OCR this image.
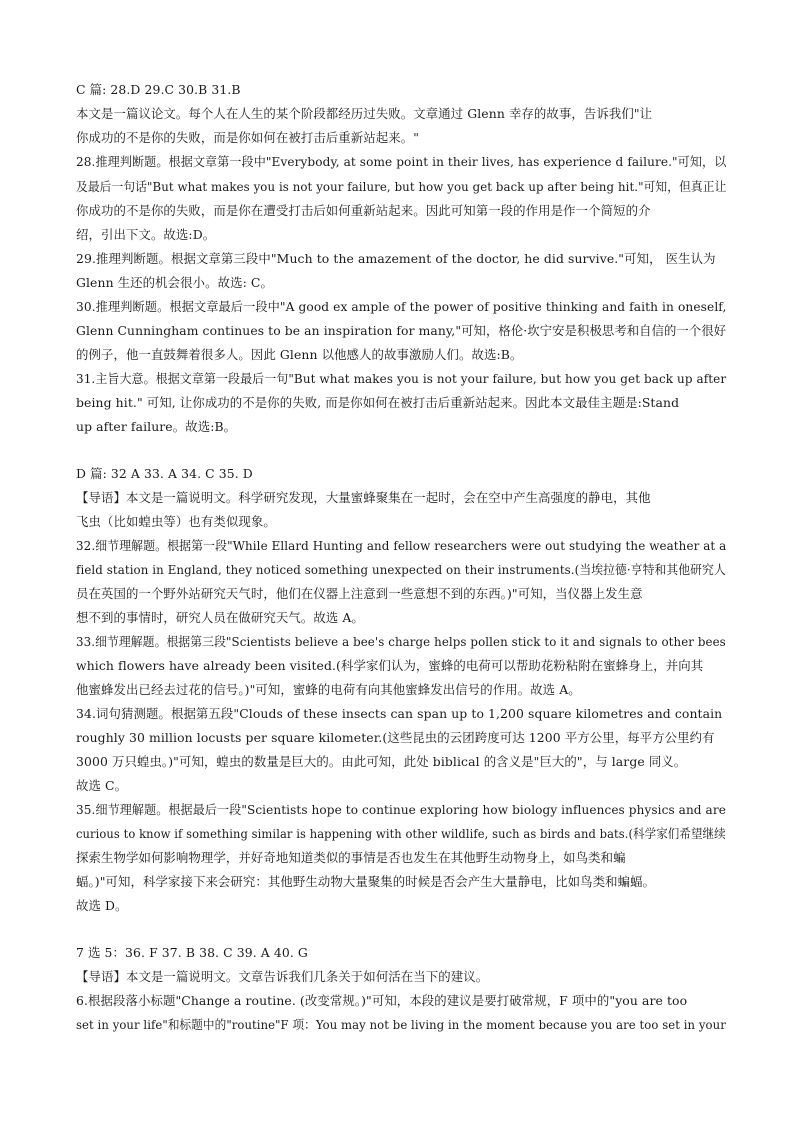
C 篇: 28.D 29.C 30.B 31.B
本文是一篇议论文。每个人在人生的某个阶段都经历过失败。文章通过 Glenn 幸存的故事，告诉我们"让
你成功的不是你的失败，而是你如何在被打击后重新站起来。"
28.推理判断题。根据文章第一段中"Everybody, at some point in their lives, has experience d failure."可知，以
及最后一句话"But what makes you is not your failure, but how you get back up after being hit."可知，但真正让
你成功的不是你的失败，而是你在遭受打击后如何重新站起来。因此可知第一段的作用是作一个简短的介
绍，引出下文。故选:D。
29.推理判断题。根据文章第三段中"Much to the amazement of the doctor, he did survive."可知， 医生认为
Glenn 生还的机会很小。故选: C。
30.推理判断题。根据文章最后一段中"A good ex ample of the power of positive thinking and faith in oneself,
Glenn Cunningham continues to be an inspiration for many,"可知，格伦·坎宁安是积极思考和自信的一个很好
的例子，他一直鼓舞着很多人。因此 Glenn 以他感人的故事激励人们。故选:B。
31.主旨大意。根据文章第一段最后一句"But what makes you is not your failure, but how you get back up after
being hit." 可知, 让你成功的不是你的失败, 而是你如何在被打击后重新站起来。因此本文最佳主题是:Stand
up after failure。故选:B。
D 篇: 32 A 33. A 34. C 35. D
【导语】本文是一篇说明文。科学研究发现，大量蜜蜂聚集在一起时，会在空中产生高强度的静电，其他
飞虫（比如蝗虫等）也有类似现象。
32.细节理解题。根据第一段"While Ellard Hunting and fellow researchers were out studying the weather at a
field station in England, they noticed something unexpected on their instruments.(当埃拉德·亨特和其他研究人
员在英国的一个野外站研究天气时，他们在仪器上注意到一些意想不到的东西。)"可知，当仪器上发生意
想不到的事情时，研究人员在做研究天气。故选 A。
33.细节理解题。根据第三段"Scientists believe a bee's charge helps pollen stick to it and signals to other bees
which flowers have already been visited.(科学家们认为，蜜蜂的电荷可以帮助花粉粘附在蜜蜂身上，并向其
他蜜蜂发出已经去过花的信号。)"可知，蜜蜂的电荷有向其他蜜蜂发出信号的作用。故选 A。
34.词句猜测题。根据第五段"Clouds of these insects can span up to 1,200 square kilometres and contain
roughly 30 million locusts per square kilometer.(这些昆虫的云团跨度可达 1200 平方公里，每平方公里约有
3000 万只蝗虫。)"可知，蝗虫的数量是巨大的。由此可知，此处 biblical 的含义是"巨大的"，与 large 同义。
故选 C。
35.细节理解题。根据最后一段"Scientists hope to continue exploring how biology influences physics and are
curious to know if something similar is happening with other wildlife, such as birds and bats.(科学家们希望继续
探索生物学如何影响物理学，并好奇地知道类似的事情是否也发生在其他野生动物身上，如鸟类和蝙
蝠。)"可知，科学家接下来会研究：其他野生动物大量聚集的时候是否会产生大量静电，比如鸟类和蝙蝠。
故选 D。
7 选 5：36. F 37. B 38. C 39. A 40. G
【导语】本文是一篇说明文。文章告诉我们几条关于如何活在当下的建议。
6.根据段落小标题"Change a routine. (改变常规。)"可知，本段的建议是要打破常规，F 项中的"you are too
set in your life"和标题中的"routine"F 项：You may not be living in the moment because you are too set in your
